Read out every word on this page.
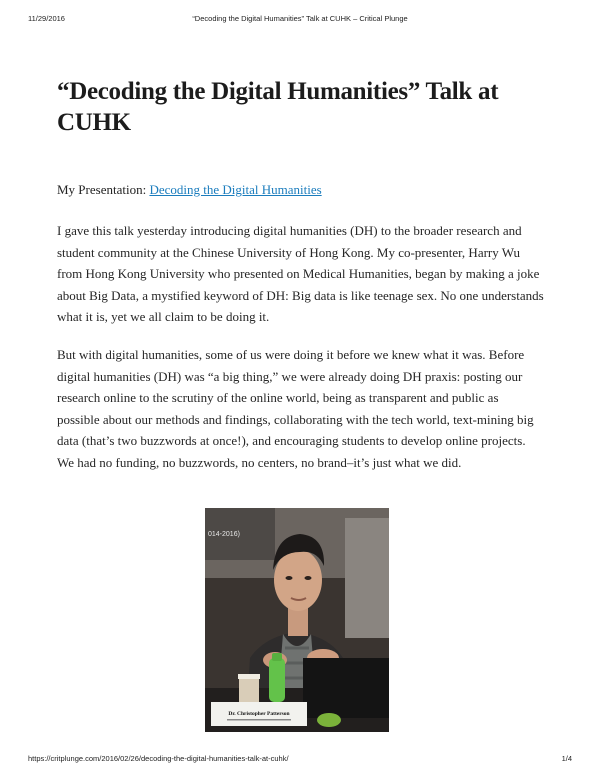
11/29/2016	“Decoding the Digital Humanities” Talk at CUHK – Critical Plunge
“Decoding the Digital Humanities” Talk at CUHK
My Presentation: Decoding the Digital Humanities

I gave this talk yesterday introducing digital humanities (DH) to the broader research and student community at the Chinese University of Hong Kong. My co-presenter, Harry Wu from Hong Kong University who presented on Medical Humanities, began by making a joke about Big Data, a mystified keyword of DH: Big data is like teenage sex. No one understands what it is, yet we all claim to be doing it.

But with digital humanities, some of us were doing it before we knew what it was. Before digital humanities (DH) was “a big thing,” we were already doing DH praxis: posting our research online to the scrutiny of the online world, being as transparent and public as possible about our methods and findings, collaborating with the tech world, text-mining big data (that’s two buzzwords at once!), and encouraging students to develop online projects. We had no funding, no buzzwords, no centers, no brand–it’s just what we did.

014-2016)
Dr. Christopher Patterson
https://critplunge.com/2016/02/26/decoding-the-digital-humanities-talk-at-cuhk/	1/4
